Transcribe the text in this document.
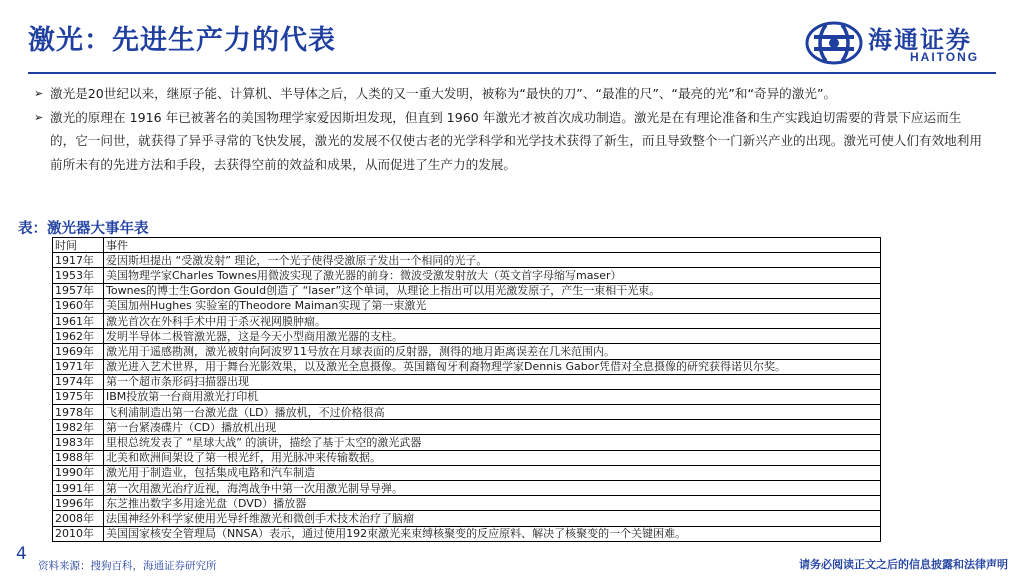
激光：先进生产力的代表	海通证券
HAITONG
➢ 激光是20世纪以来，继原子能、计算机、半导体之后，人类的又一重大发明，被称为“最快的刀”、“最准的尺”、“最亮的光”和“奇异的激光”。
➢ 激光的原理在 1916 年已被著名的美国物理学家爱因斯坦发现，但直到 1960 年激光才被首次成功制造。激光是在有理论准备和生产实践迫切需要的背景下应运而生的，它一问世，就获得了异乎寻常的飞快发展，激光的发展不仅使古老的光学科学和光学技术获得了新生，而且导致整个一门新兴产业的出现。激光可使人们有效地利用前所未有的先进方法和手段，去获得空前的效益和成果，从而促进了生产力的发展。
表：激光器大事年表
时间	事件
1917年	爱因斯坦提出 “受激发射” 理论，一个光子使得受激原子发出一个相同的光子。
1953年	美国物理学家Charles Townes用微波实现了激光器的前身：微波受激发射放大（英文首字母缩写maser）
1957年	Townes的博士生Gordon Gould创造了 “laser”这个单词，从理论上指出可以用光激发原子，产生一束相干光束。
1960年	美国加州Hughes 实验室的Theodore Maiman实现了第一束激光
1961年	激光首次在外科手术中用于杀灭视网膜肿瘤。
1962年	发明半导体二极管激光器，这是今天小型商用激光器的支柱。
1969年	激光用于遥感勘测，激光被射向阿波罗11号放在月球表面的反射器，测得的地月距离误差在几米范围内。
1971年	激光进入艺术世界，用于舞台光影效果，以及激光全息摄像。英国籍匈牙利裔物理学家Dennis Gabor凭借对全息摄像的研究获得诺贝尔奖。
1974年	第一个超市条形码扫描器出现
1975年	IBM投放第一台商用激光打印机
1978年	飞利浦制造出第一台激光盘（LD）播放机，不过价格很高
1982年	第一台紧凑碟片（CD）播放机出现
1983年	里根总统发表了 “星球大战” 的演讲，描绘了基于太空的激光武器
1988年	北美和欧洲间架设了第一根光纤，用光脉冲来传输数据。
1990年	激光用于制造业，包括集成电路和汽车制造
1991年	第一次用激光治疗近视，海湾战争中第一次用激光制导导弹。
1996年	东芝推出数字多用途光盘（DVD）播放器
2008年	法国神经外科学家使用光导纤维激光和微创手术技术治疗了脑瘤
2010年	美国国家核安全管理局（NNSA）表示，通过使用192束激光来束缚核聚变的反应原料、解决了核聚变的一个关键困难。
4
资料来源：搜狗百科，海通证券研究所	请务必阅读正文之后的信息披露和法律声明
